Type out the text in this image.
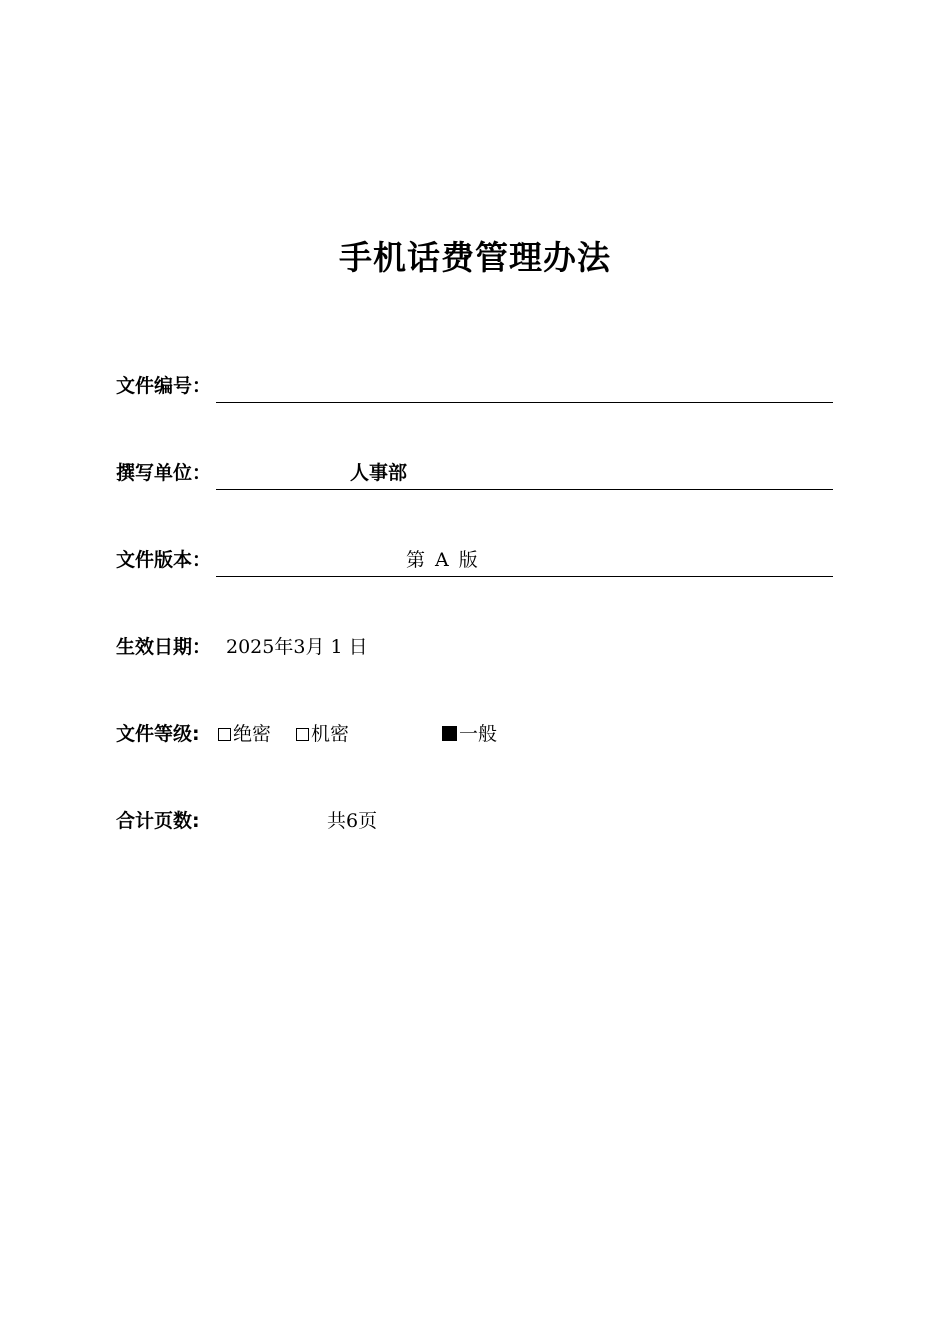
手机话费管理办法
文件编号：
撰写单位：	人事部
文件版本：	第 A 版
生效日期： 2025年3月 1 日
文件等级:	绝密	机密	一般
合计页数:	共6页
